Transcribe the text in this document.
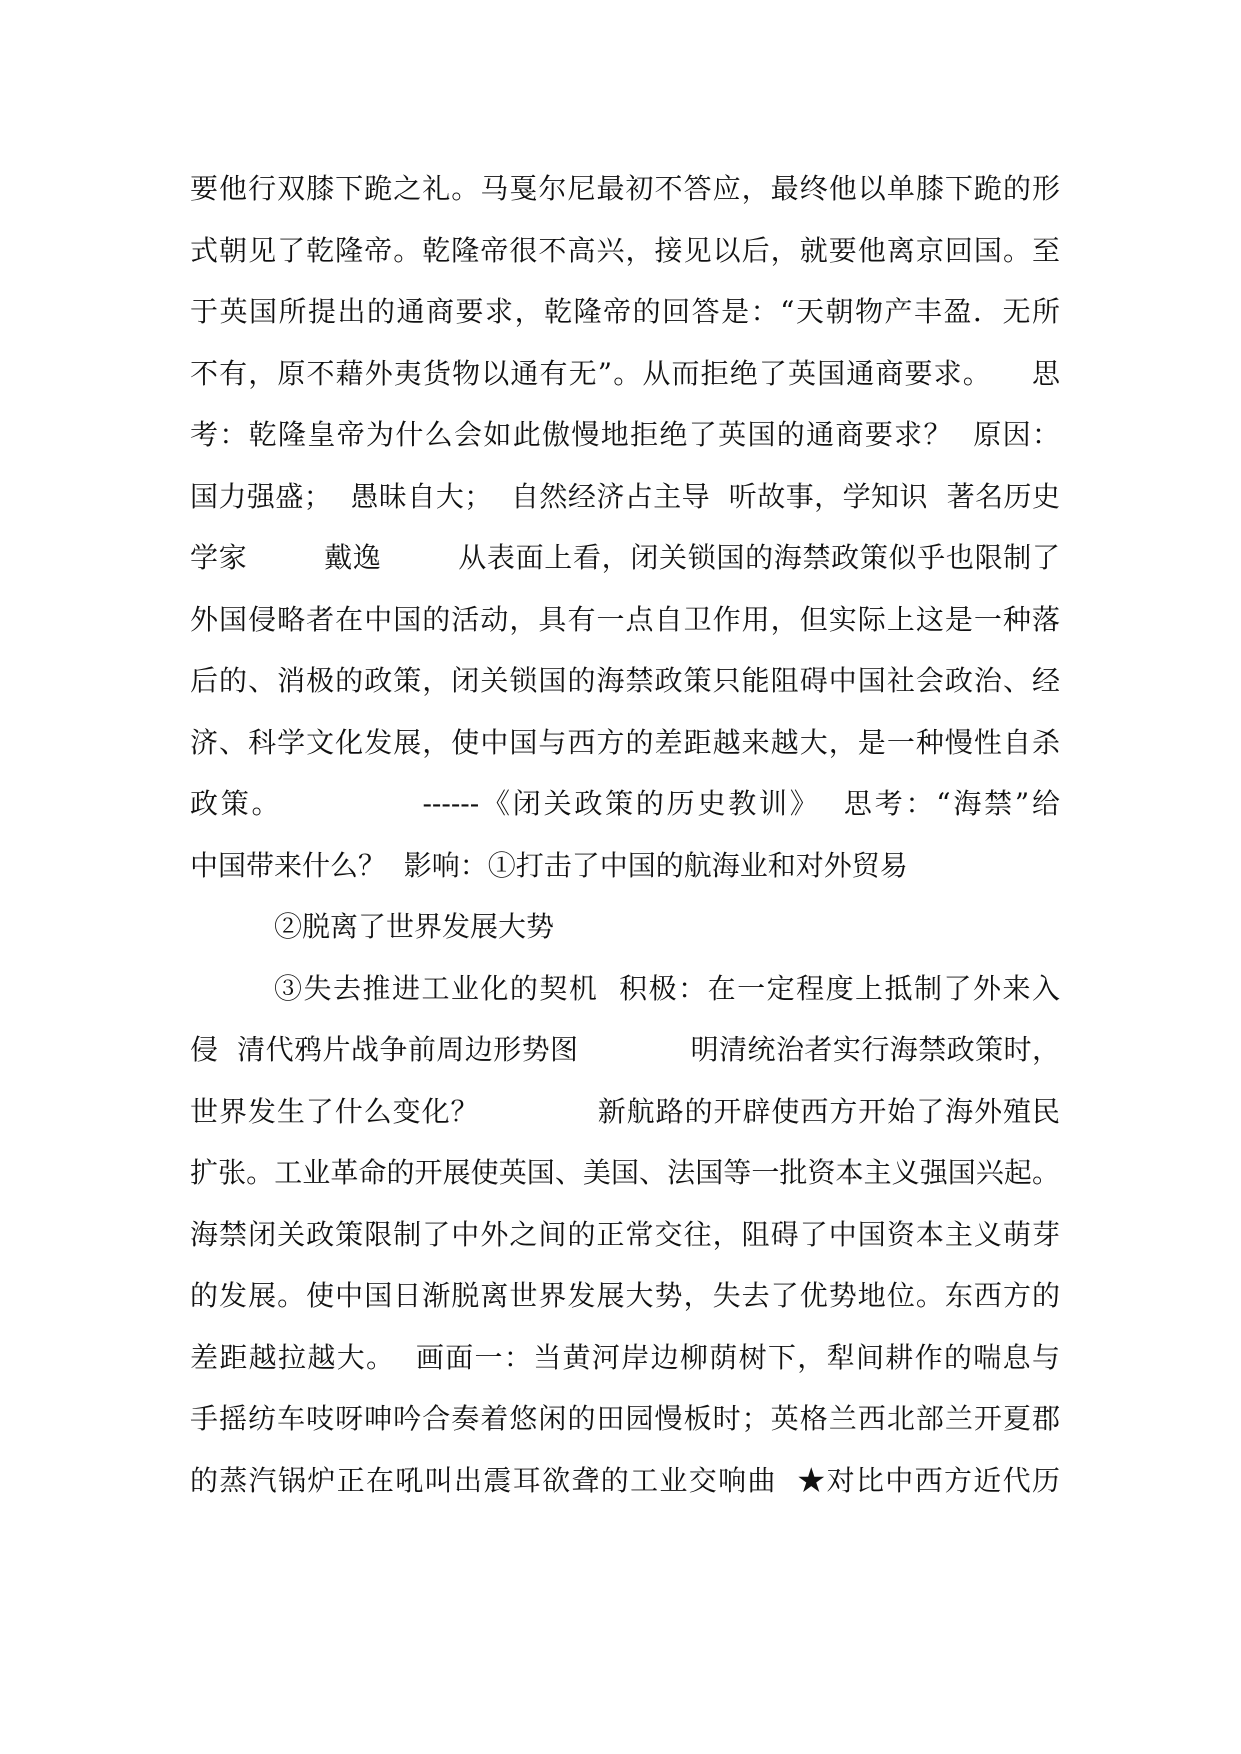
要他行双膝下跪之礼。马戛尔尼最初不答应，最终他以单膝下跪的形
式朝见了乾隆帝。乾隆帝很不高兴，接见以后，就要他离京回国。至
于英国所提出的通商要求，乾隆帝的回答是：“天朝物产丰盈．无所
不有，原不藉外夷货物以通有无”。从而拒绝了英国通商要求。    思
考：乾隆皇帝为什么会如此傲慢地拒绝了英国的通商要求？  原因：
国力强盛；  愚昧自大；  自然经济占主导  听故事，学知识  著名历史
学家        戴逸        从表面上看，闭关锁国的海禁政策似乎也限制了
外国侵略者在中国的活动，具有一点自卫作用，但实际上这是一种落
后的、消极的政策，闭关锁国的海禁政策只能阻碍中国社会政治、经
济、科学文化发展，使中国与西方的差距越来越大，是一种慢性自杀
政策。            ------《闭关政策的历史教训》  思考：“海禁”给
中国带来什么？  影响：①打击了中国的航海业和对外贸易
②脱离了世界发展大势
③失去推进工业化的契机  积极：在一定程度上抵制了外来入
侵  清代鸦片战争前周边形势图            明清统治者实行海禁政策时，
世界发生了什么变化？            新航路的开辟使西方开始了海外殖民
扩张。工业革命的开展使英国、美国、法国等一批资本主义强国兴起。
海禁闭关政策限制了中外之间的正常交往，阻碍了中国资本主义萌芽
的发展。使中国日渐脱离世界发展大势，失去了优势地位。东西方的
差距越拉越大。  画面一：当黄河岸边柳荫树下，犁间耕作的喘息与
手摇纺车吱呀呻吟合奏着悠闲的田园慢板时；英格兰西北部兰开夏郡
的蒸汽锅炉正在吼叫出震耳欲聋的工业交响曲  ★对比中西方近代历
